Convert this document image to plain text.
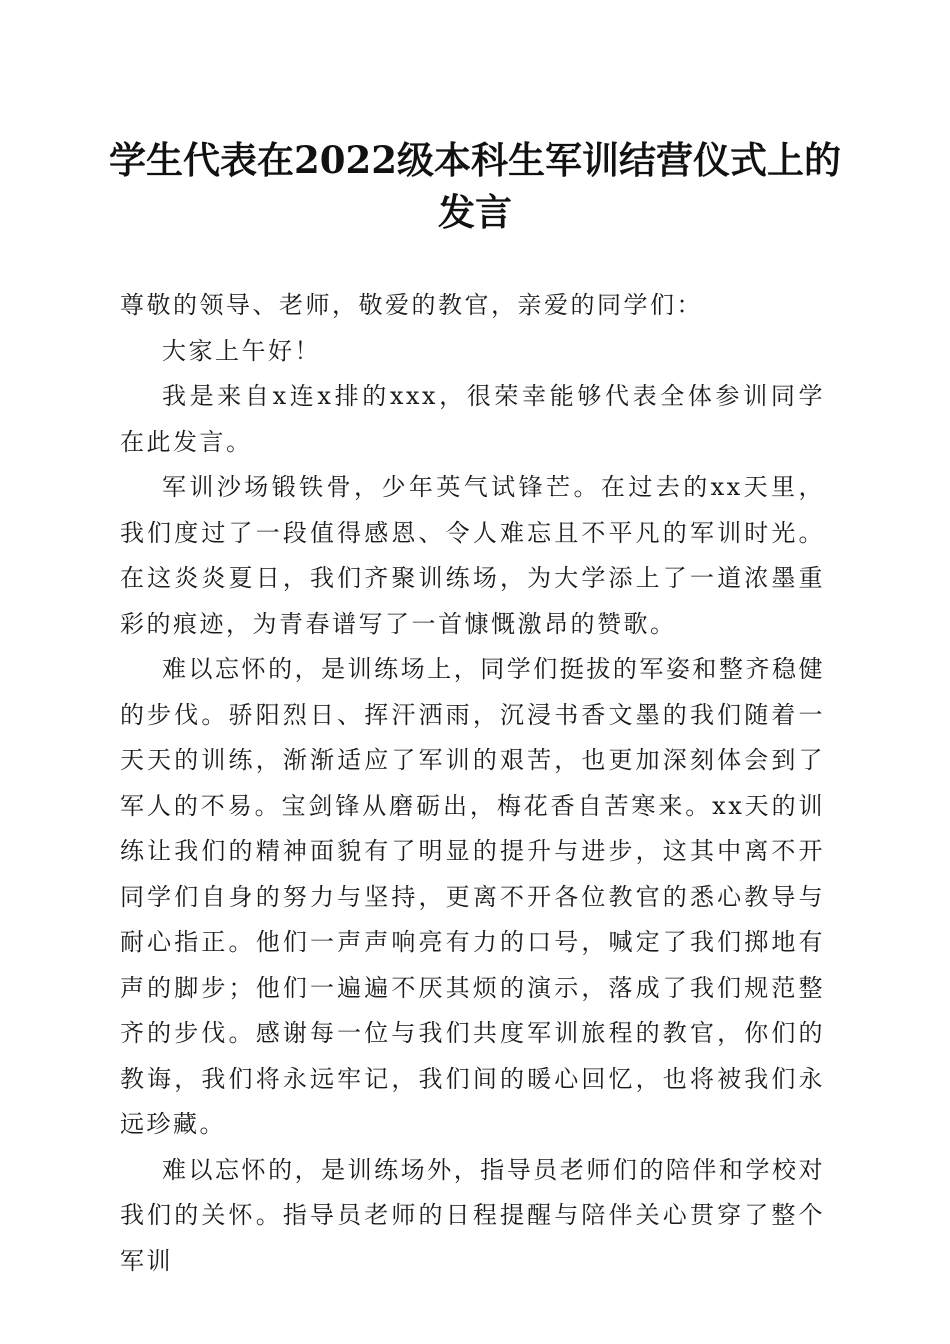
学生代表在2022级本科生军训结营仪式上的发言

尊敬的领导、老师，敬爱的教官，亲爱的同学们：

大家上午好！

我是来自x连x排的xxx，很荣幸能够代表全体参训同学在此发言。

军训沙场锻铁骨，少年英气试锋芒。在过去的xx天里，我们度过了一段值得感恩、令人难忘且不平凡的军训时光。在这炎炎夏日，我们齐聚训练场，为大学添上了一道浓墨重彩的痕迹，为青春谱写了一首慷慨激昂的赞歌。

难以忘怀的，是训练场上，同学们挺拔的军姿和整齐稳健的步伐。骄阳烈日、挥汗洒雨，沉浸书香文墨的我们随着一天天的训练，渐渐适应了军训的艰苦，也更加深刻体会到了军人的不易。宝剑锋从磨砺出，梅花香自苦寒来。xx天的训练让我们的精神面貌有了明显的提升与进步，这其中离不开同学们自身的努力与坚持，更离不开各位教官的悉心教导与耐心指正。他们一声声响亮有力的口号，喊定了我们掷地有声的脚步；他们一遍遍不厌其烦的演示，落成了我们规范整齐的步伐。感谢每一位与我们共度军训旅程的教官，你们的教诲，我们将永远牢记，我们间的暖心回忆，也将被我们永远珍藏。

难以忘怀的，是训练场外，指导员老师们的陪伴和学校对我们的关怀。指导员老师的日程提醒与陪伴关心贯穿了整个军训
